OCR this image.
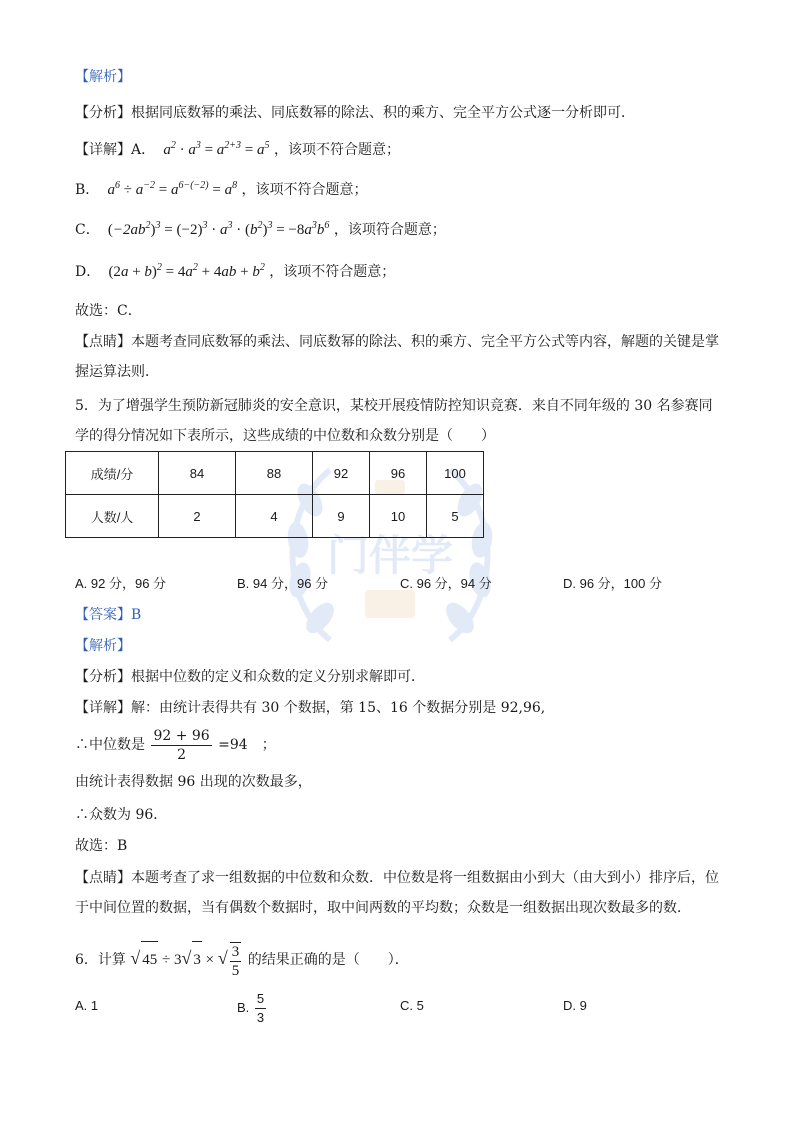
门伴学
【解析】
【分析】根据同底数幂的乘法、同底数幂的除法、积的乘方、完全平方公式逐一分析即可．
【详解】A．  $a^2 \cdot a^3 = a^{2+3} = a^5$ ，该项不符合题意；
B．  $a^6 \div a^{-2} = a^{6-(-2)} = a^8$ ，该项不符合题意；
C． $(-2ab^2)^3 = (-2)^3 \cdot a^3 \cdot (b^2)^3 = -8a^3b^6$ ，该项符合题意；
D． $(2a + b)^2 = 4a^2 + 4ab + b^2$ ，该项不符合题意；
故选：C．
【点睛】本题考查同底数幂的乘法、同底数幂的除法、积的乘方、完全平方公式等内容，解题的关键是掌握运算法则．
5．为了增强学生预防新冠肺炎的安全意识，某校开展疫情防控知识竞赛．来自不同年级的 30 名参赛同学的得分情况如下表所示，这些成绩的中位数和众数分别是（　　）
成绩/分	84	88	92	96	100
人数/人	2	4	9	10	5
A. 92 分，96 分	B. 94 分，96 分	C. 96 分，94 分	D. 96 分，100 分
【答案】B
【解析】
【分析】根据中位数的定义和众数的定义分别求解即可．
【详解】解：由统计表得共有 30 个数据，第 15、16 个数据分别是 92,96,
∴中位数是 $\frac{92 + 96}{2} =94$　；
由统计表得数据 96 出现的次数最多，
∴众数为 96．
故选：B
【点睛】本题考查了求一组数据的中位数和众数．中位数是将一组数据由小到大（由大到小）排序后，位于中间位置的数据，当有偶数个数据时，取中间两数的平均数；众数是一组数据出现次数最多的数．
6．计算 √ 45 ÷ 3√ 3 × √ $\frac{3}{5}$ 的结果正确的是（　　）．
A. 1	B. $\frac{5}{3}$	C. 5	D. 9
